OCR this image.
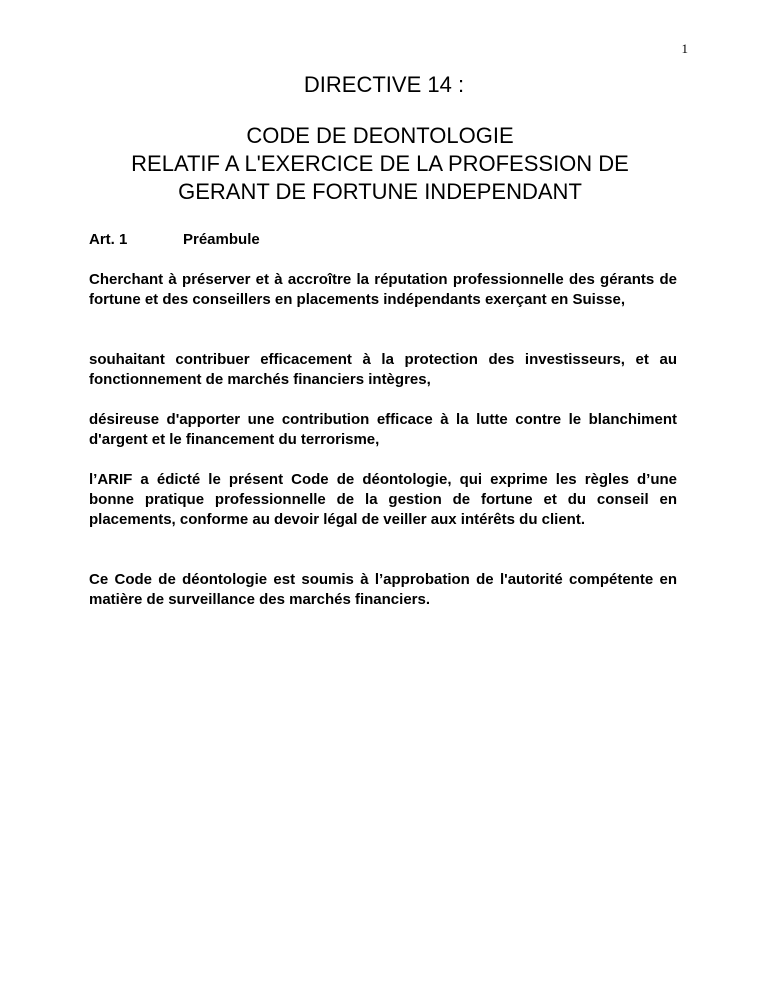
1
DIRECTIVE 14 :
CODE DE DEONTOLOGIE
RELATIF A L'EXERCICE DE LA PROFESSION DE
GERANT DE FORTUNE INDEPENDANT
Art. 1	Préambule

Cherchant à préserver et à accroître la réputation professionnelle des gérants de fortune et des conseillers en placements indépendants exerçant en Suisse,

souhaitant contribuer efficacement à la protection des investisseurs, et au fonctionnement de marchés financiers intègres,

désireuse d'apporter une contribution efficace à la lutte contre le blanchiment d'argent et le financement du terrorisme,

l’ARIF a édicté le présent Code de déontologie, qui exprime les règles d’une bonne pratique professionnelle de la gestion de fortune et du conseil en placements, conforme au devoir légal de veiller aux intérêts du client.

Ce Code de déontologie est soumis à l’approbation de l'autorité compétente en matière de surveillance des marchés financiers.
